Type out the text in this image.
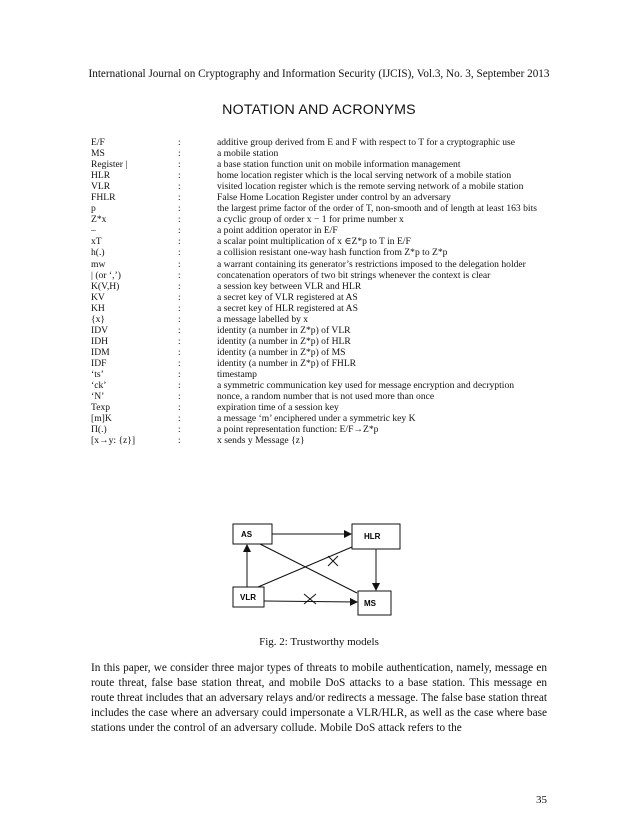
International Journal on Cryptography and Information Security (IJCIS), Vol.3, No. 3, September 2013
NOTATION AND ACRONYMS
E/F	:	additive group derived from E and F with respect to T for a cryptographic use
MS	:	a mobile station
Register |	:	a base station function unit on mobile information management
HLR	:	home location register which is the local serving network of a mobile station
VLR	:	visited location register which is the remote serving network of a mobile station
FHLR	:	False Home Location Register under control by an adversary
p	:	the largest prime factor of the order of T, non-smooth and of length at least 163 bits
Z*x	:	a cyclic group of order x − 1 for prime number x
–	:	a point addition operator in E/F
xT	:	a scalar point multiplication of x ∈Z*p to T in E/F
h(.)	:	a collision resistant one-way hash function from Z*p to Z*p
mw	:	a warrant containing its generator’s restrictions imposed to the delegation holder
| (or ‘,’)	:	concatenation operators of two bit strings whenever the context is clear
K(V,H)	:	a session key between VLR and HLR
KV	:	a secret key of VLR registered at AS
KH	:	a secret key of HLR registered at AS
{x}	:	a message labelled by x
IDV	:	identity (a number in Z*p) of VLR
IDH	:	identity (a number in Z*p) of HLR
IDM	:	identity (a number in Z*p) of MS
IDF	:	identity (a number in Z*p) of FHLR
‘ts’	:	timestamp
‘ck’	:	a symmetric communication key used for message encryption and decryption
‘N’	:	nonce, a random number that is not used more than once
Texp	:	expiration time of a session key
[m]K	:	a message ‘m’ enciphered under a symmetric key K
Π(.)	:	a point representation function: E/F→Z*p
[x→y: {z}]	:	x sends y Message {z}
AS	HLR
VLR
MS
Fig. 2: Trustworthy models

In this paper, we consider three major types of threats to mobile authentication, namely, message en route threat, false base station threat, and mobile DoS attacks to a base station. This message en route threat includes that an adversary relays and/or redirects a message. The false base station threat includes the case where an adversary could impersonate a VLR/HLR, as well as the case where base stations under the control of an adversary collude. Mobile DoS attack refers to the

35
